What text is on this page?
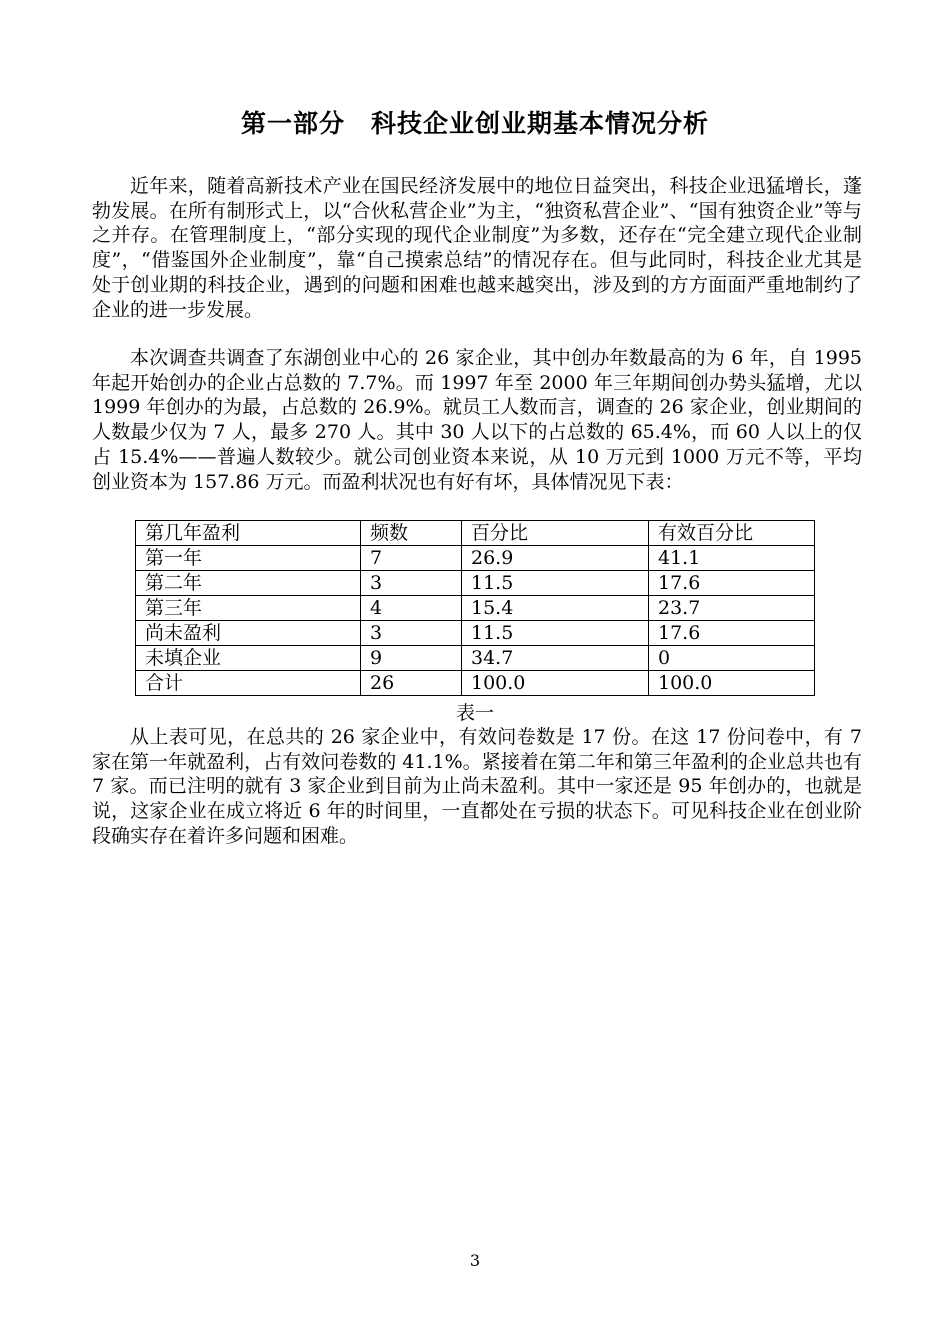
第一部分　科技企业创业期基本情况分析

近年来，随着高新技术产业在国民经济发展中的地位日益突出，科技企业迅猛增长，蓬勃发展。在所有制形式上，以“合伙私营企业”为主，“独资私营企业”、“国有独资企业”等与之并存。在管理制度上，“部分实现的现代企业制度”为多数，还存在“完全建立现代企业制度”，“借鉴国外企业制度”，靠“自己摸索总结”的情况存在。但与此同时，科技企业尤其是处于创业期的科技企业，遇到的问题和困难也越来越突出，涉及到的方方面面严重地制约了企业的进一步发展。

本次调查共调查了东湖创业中心的 26 家企业，其中创办年数最高的为 6 年，自 1995 年起开始创办的企业占总数的 7.7%。而 1997 年至 2000 年三年期间创办势头猛增，尤以 1999 年创办的为最，占总数的 26.9%。就员工人数而言，调查的 26 家企业，创业期间的人数最少仅为 7 人，最多 270 人。其中 30 人以下的占总数的 65.4%，而 60 人以上的仅占 15.4%——普遍人数较少。就公司创业资本来说，从 10 万元到 1000 万元不等，平均创业资本为 157.86 万元。而盈利状况也有好有坏，具体情况见下表：

第几年盈利	频数	百分比	有效百分比
第一年	7	26.9	41.1
第二年	3	11.5	17.6
第三年	4	15.4	23.7
尚未盈利	3	11.5	17.6
未填企业	9	34.7	0
合计	26	100.0	100.0
表一

从上表可见，在总共的 26 家企业中，有效问卷数是 17 份。在这 17 份问卷中，有 7 家在第一年就盈利，占有效问卷数的 41.1%。紧接着在第二年和第三年盈利的企业总共也有 7 家。而已注明的就有 3 家企业到目前为止尚未盈利。其中一家还是 95 年创办的，也就是说，这家企业在成立将近 6 年的时间里，一直都处在亏损的状态下。可见科技企业在创业阶段确实存在着许多问题和困难。

3
